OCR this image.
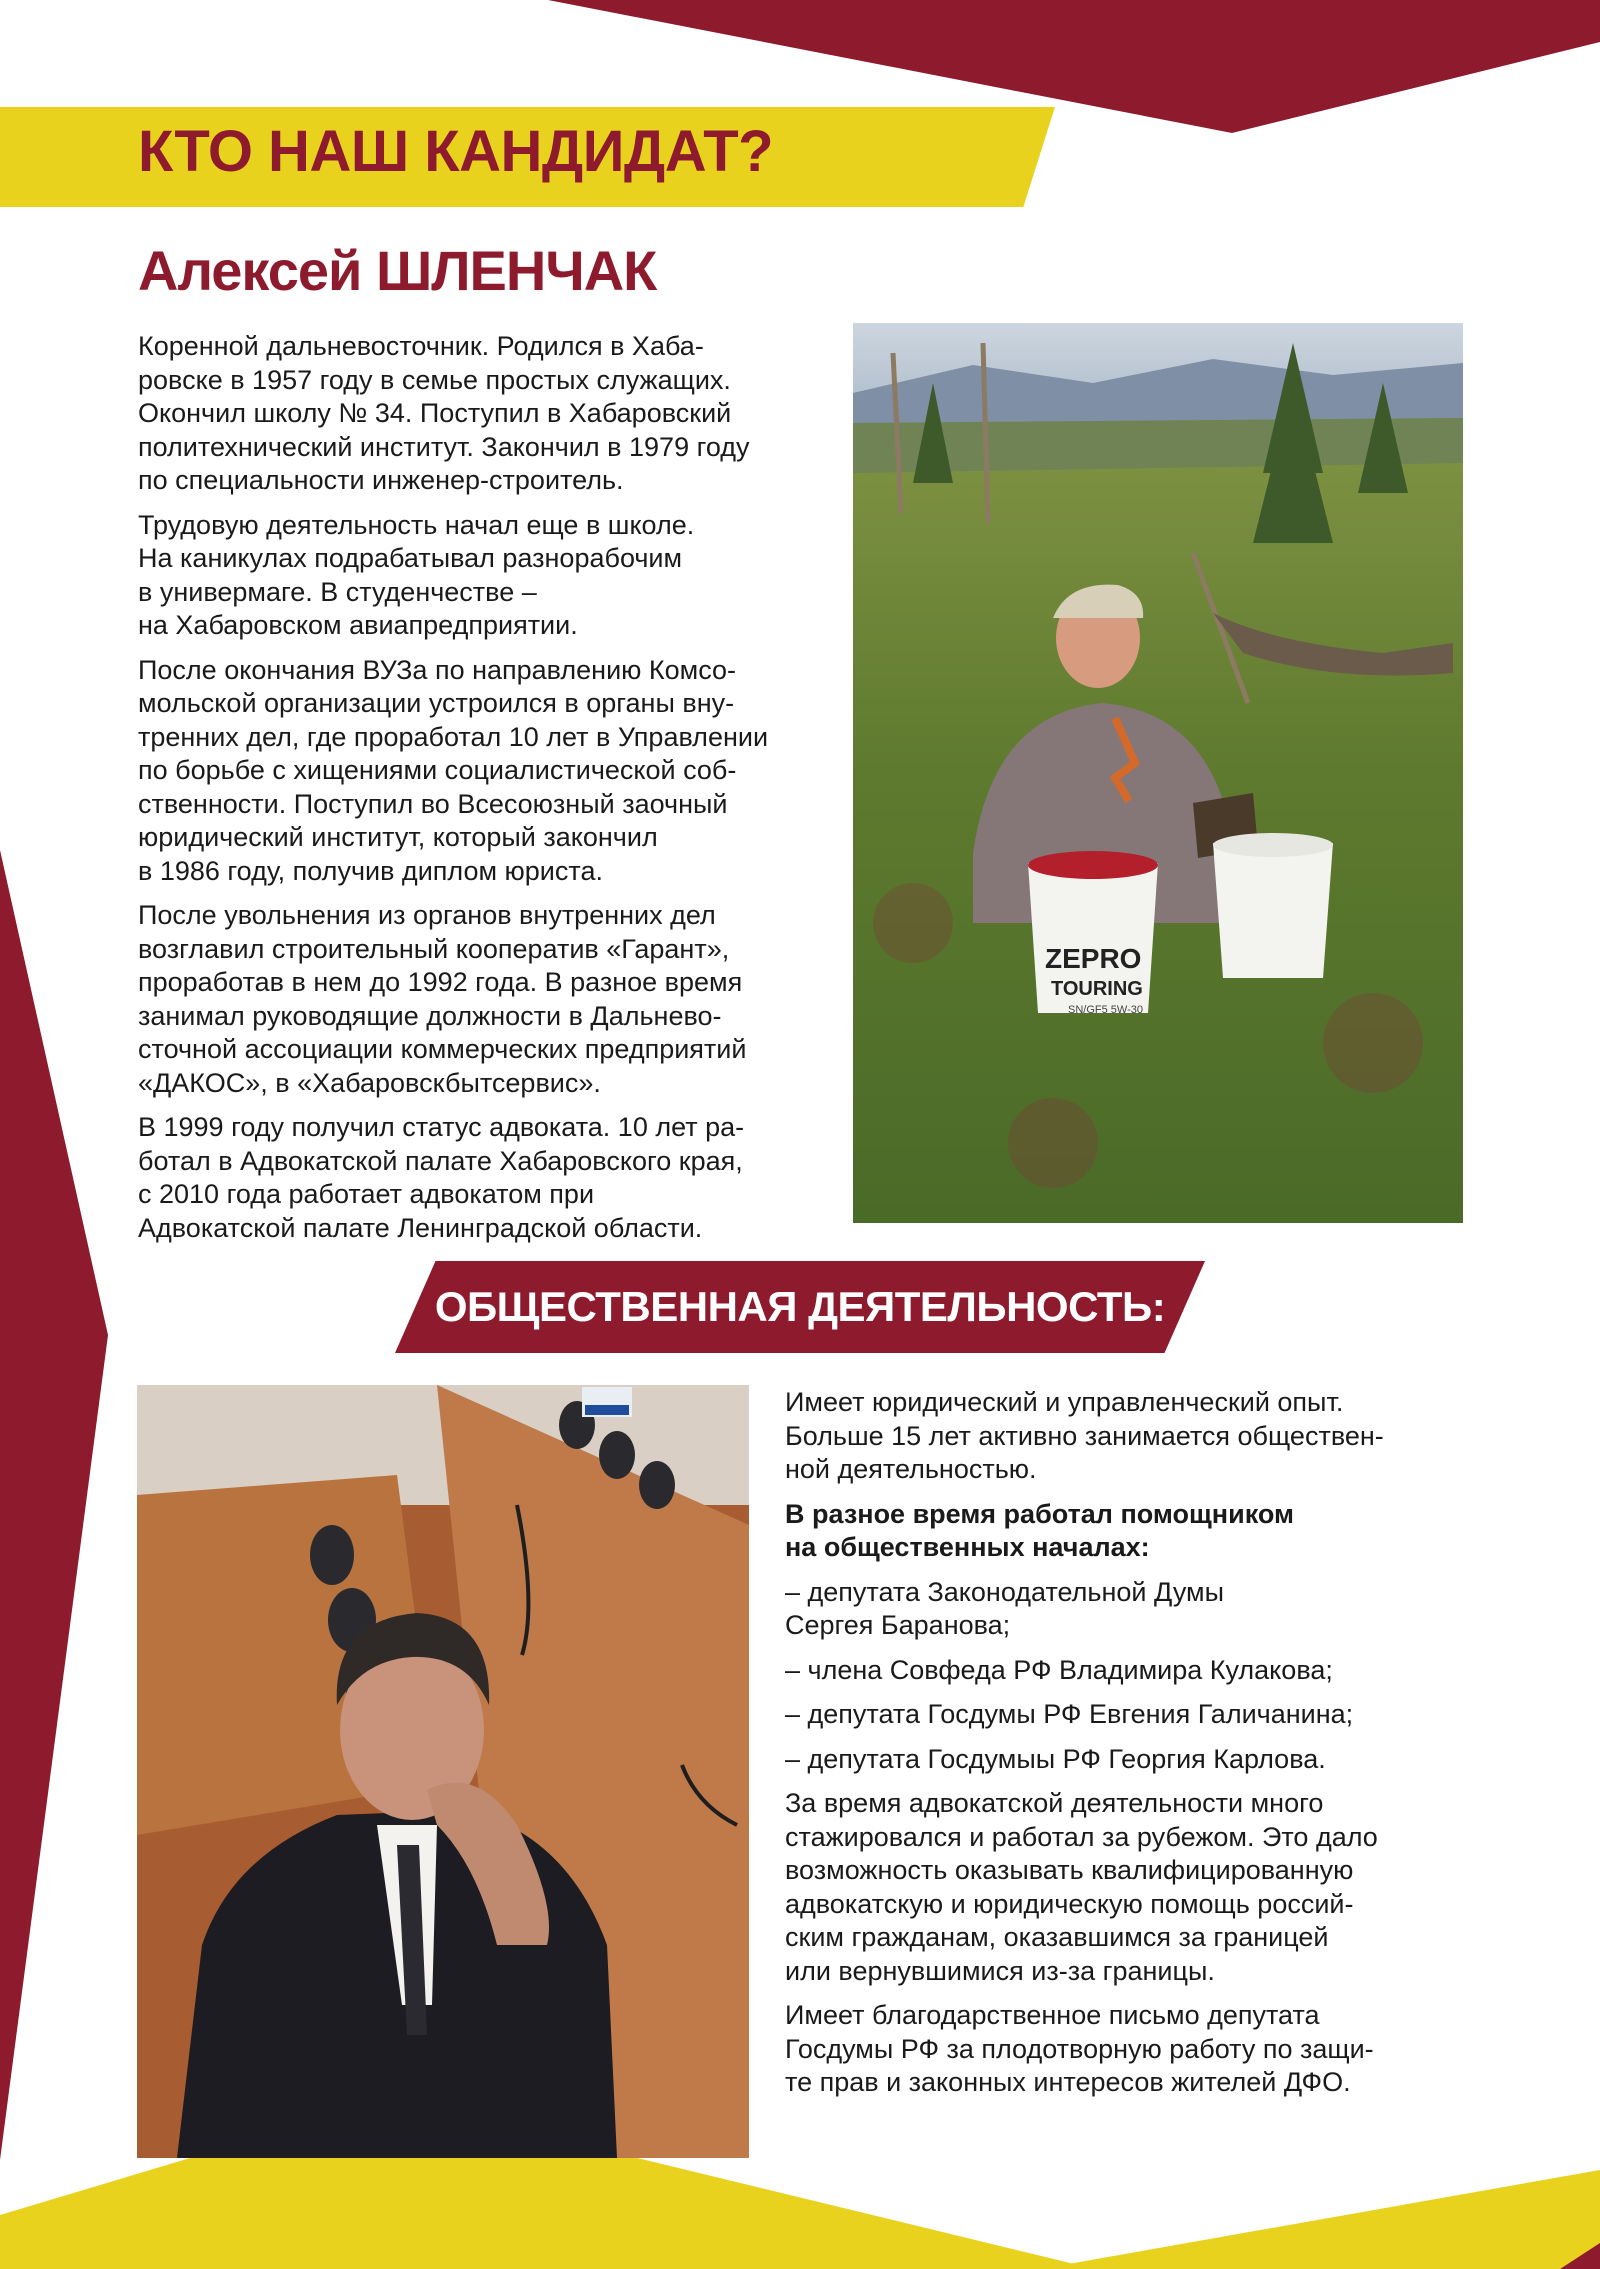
КТО НАШ КАНДИДАТ?
Алексей ШЛЕНЧАК

Коренной дальневосточник. Родился в Хаба-
ровске в 1957 году в семье простых служащих.
Окончил школу № 34. Поступил в Хабаровский
политехнический институт. Закончил в 1979 году
по специальности инженер-строитель.

Трудовую деятельность начал еще в школе.
На каникулах подрабатывал разнорабочим
в универмаге. В студенчестве –
на Хабаровском авиапредприятии.

После окончания ВУЗа по направлению Комсо-
мольской организации устроился в органы вну-
тренних дел, где проработал 10 лет в Управлении
по борьбе с хищениями социалистической соб-
ственности. Поступил во Всесоюзный заочный
юридический институт, который закончил
в 1986 году, получив диплом юриста.

После увольнения из органов внутренних дел
возглавил строительный кооператив «Гарант»,
проработав в нем до 1992 года. В разное время
занимал руководящие должности в Дальнево-
сточной ассоциации коммерческих предприятий
«ДАКОС», в «Хабаровскбытсервис».

В 1999 году получил статус адвоката. 10 лет ра-
ботал в Адвокатской палате Хабаровского края,
с 2010 года работает адвокатом при
Адвокатской палате Ленинградской области.

ZEPRO
TOURING
SN/GF5 5W-30
ОБЩЕСТВЕННАЯ ДЕЯТЕЛЬНОСТЬ:

Имеет юридический и управленческий опыт.
Больше 15 лет активно занимается обществен-
ной деятельностью.

В разное время работал помощником
на общественных началах:

– депутата Законодательной Думы
Сергея Баранова;
– члена Совфеда РФ Владимира Кулакова;
– депутата Госдумы РФ Евгения Галичанина;
– депутата Госдумыы РФ Георгия Карлова.

За время адвокатской деятельности много
стажировался и работал за рубежом. Это дало
возможность оказывать квалифицированную
адвокатскую и юридическую помощь россий-
ским гражданам, оказавшимся за границей
или вернувшимися из-за границы.

Имеет благодарственное письмо депутата
Госдумы РФ за плодотворную работу по защи-
те прав и законных интересов жителей ДФО.
